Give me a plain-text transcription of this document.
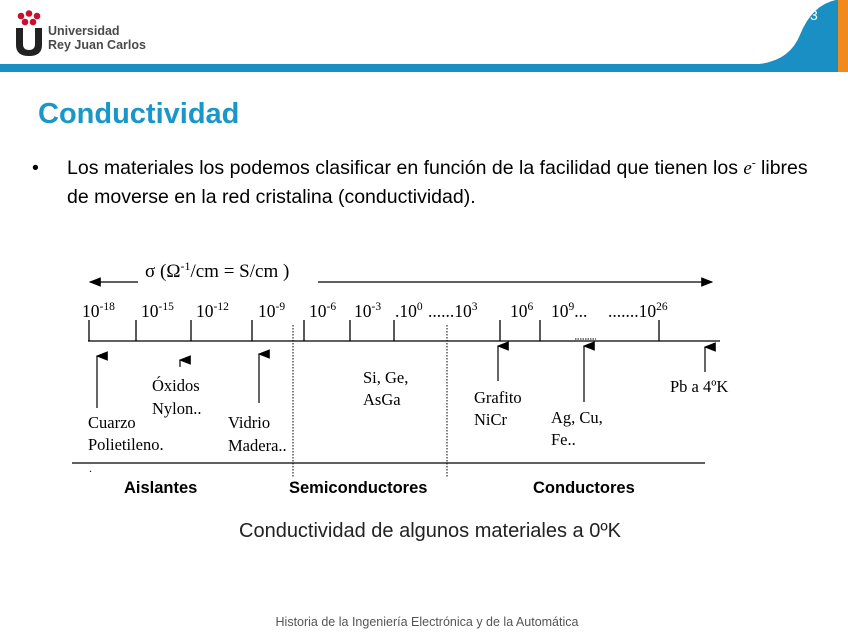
Universidad
Rey Juan Carlos
3
Conductividad
• Los materiales los podemos clasificar en función de la facilidad que tienen los e- libres de moverse en la red cristalina (conductividad).
σ ($\Omega^{-1}/cm = S/cm$ )
$10^{-18}$ $10^{-15}$ $10^{-12}$ $10^{-9}$ $10^{-6}$ $10^{-3}$ $.10^0$ ......10$^3$ $10^6$ $10^9$... .......10$^{26}$
Cuarzo
Polietileno.
Óxidos
Nylon..
Vidrio
Madera..
Si, Ge,
AsGa	Grafito
NiCr	Ag, Cu,
Fe..
Pb a 4ºK
.
Aislantes	Semiconductores	Conductores
Conductividad de algunos materiales a 0ºK
Historia de la Ingeniería Electrónica y de la Automática
